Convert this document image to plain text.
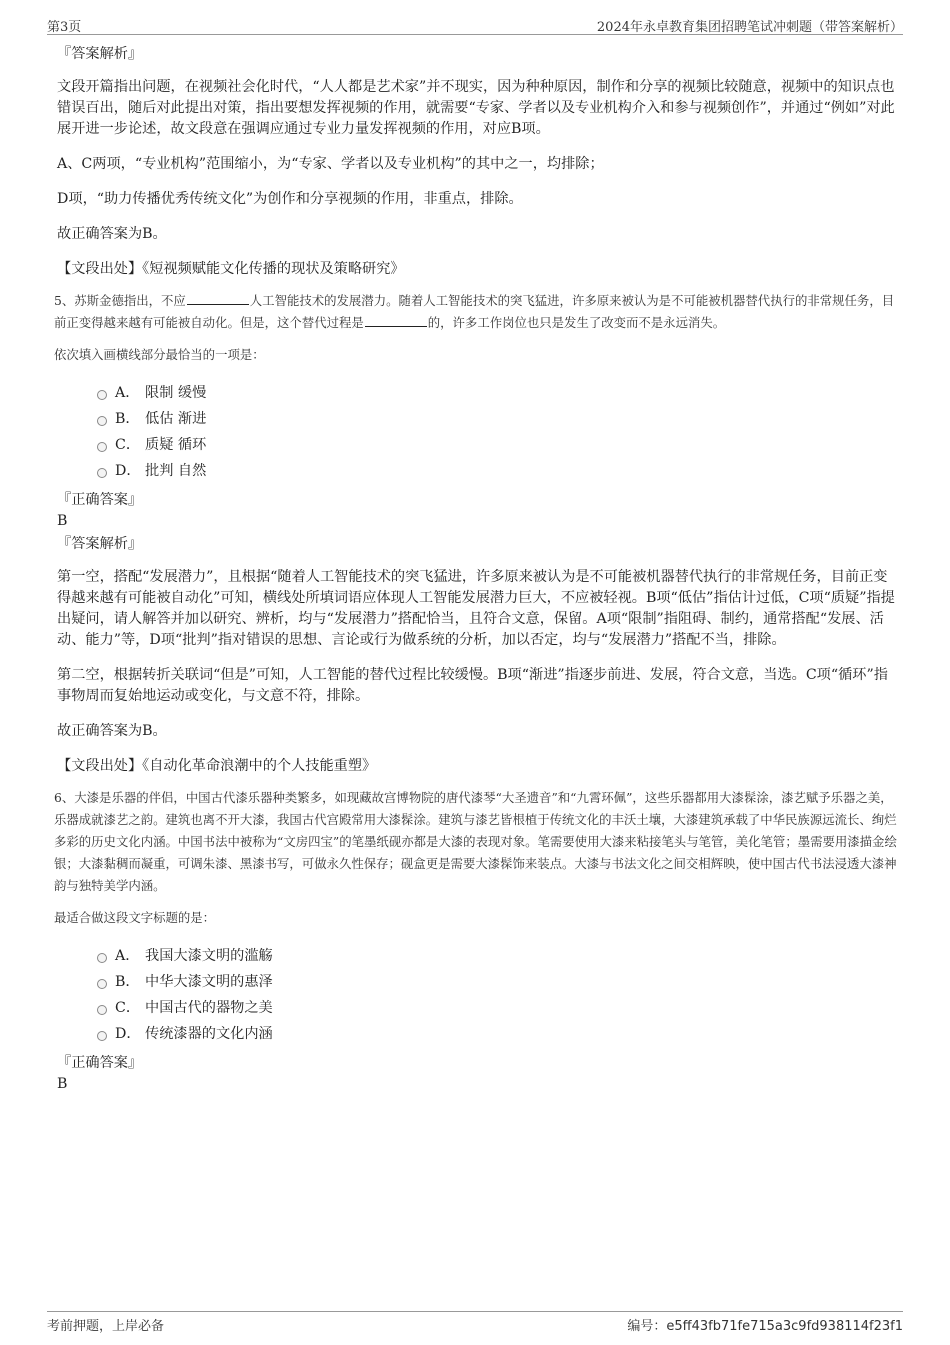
第3页	2024年永卓教育集团招聘笔试冲刺题（带答案解析）

『答案解析』

文段开篇指出问题，在视频社会化时代，“人人都是艺术家”并不现实，因为种种原因，制作和分享的视频比较随意，视频中的知识点也错误百出，随后对此提出对策，指出要想发挥视频的作用，就需要“专家、学者以及专业机构介入和参与视频创作”，并通过“例如”对此展开进一步论述，故文段意在强调应通过专业力量发挥视频的作用，对应B项。

A、C两项，“专业机构”范围缩小，为“专家、学者以及专业机构”的其中之一，均排除；

D项，“助力传播优秀传统文化”为创作和分享视频的作用，非重点，排除。

故正确答案为B。

【文段出处】《短视频赋能文化传播的现状及策略研究》

5、苏斯金德指出，不应	人工智能技术的发展潜力。随着人工智能技术的突飞猛进，许多原来被认为是不可能被机器替代执行的非常规任务，目前正变得越来越有可能被自动化。但是，这个替代过程是	的，许多工作岗位也只是发生了改变而不是永远消失。

依次填入画横线部分最恰当的一项是：

A． 限制 缓慢
B． 低估 渐进
C． 质疑 循环
D． 批判 自然

『正确答案』

B

『答案解析』

第一空，搭配“发展潜力”，且根据“随着人工智能技术的突飞猛进，许多原来被认为是不可能被机器替代执行的非常规任务，目前正变得越来越有可能被自动化”可知，横线处所填词语应体现人工智能发展潜力巨大，不应被轻视。B项“低估”指估计过低，C项“质疑”指提出疑问，请人解答并加以研究、辨析，均与“发展潜力”搭配恰当，且符合文意，保留。A项“限制”指阻碍、制约，通常搭配“发展、活动、能力”等，D项“批判”指对错误的思想、言论或行为做系统的分析，加以否定，均与“发展潜力”搭配不当，排除。

第二空，根据转折关联词“但是”可知，人工智能的替代过程比较缓慢。B项“渐进”指逐步前进、发展，符合文意，当选。C项“循环”指事物周而复始地运动或变化，与文意不符，排除。

故正确答案为B。

【文段出处】《自动化革命浪潮中的个人技能重塑》

6、大漆是乐器的伴侣，中国古代漆乐器种类繁多，如现藏故宫博物院的唐代漆琴“大圣遗音”和“九霄环佩”，这些乐器都用大漆髹涂，漆艺赋予乐器之美，乐器成就漆艺之韵。建筑也离不开大漆，我国古代宫殿常用大漆髹涂。建筑与漆艺皆根植于传统文化的丰沃土壤，大漆建筑承载了中华民族源远流长、绚烂多彩的历史文化内涵。中国书法中被称为“文房四宝”的笔墨纸砚亦都是大漆的表现对象。笔需要使用大漆来粘接笔头与笔管，美化笔管；墨需要用漆描金绘银；大漆黏稠而凝重，可调朱漆、黑漆书写，可做永久性保存；砚盒更是需要大漆髹饰来装点。大漆与书法文化之间交相辉映，使中国古代书法浸透大漆神韵与独特美学内涵。

最适合做这段文字标题的是：

A． 我国大漆文明的滥觞
B． 中华大漆文明的惠泽
C． 中国古代的器物之美
D． 传统漆器的文化内涵

『正确答案』

B

考前押题，上岸必备	编号：e5ff43fb71fe715a3c9fd938114f23f1
